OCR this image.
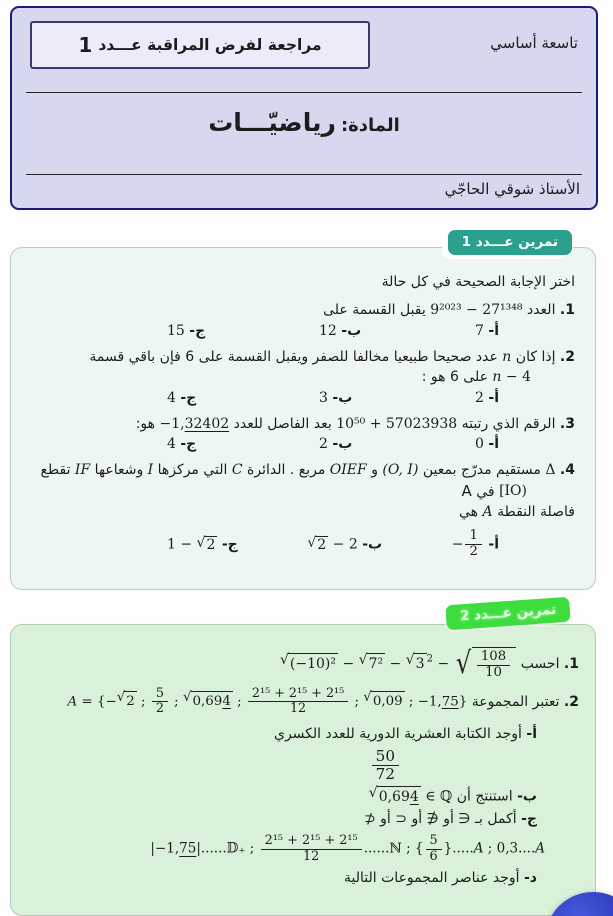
تاسعة أساسي
مراجعة لفرض المراقبة عـــدد
1
المادة: رياضيّـــات
الأستاذ شوقي الحاجّي
تمرين عـــدد 1
اختر الإجابة الصحيحة في كل حالة
1. العدد 9²⁰²³ − 27¹³⁴⁸ يقبل القسمة على
أ- 7
ب- 12
ج- 15
2. إذا كان n عدد صحيحا طبيعيا مخالفا للصفر ويقبل القسمة على 6 فإن باقي قسمة
n − 4 على 6 هو :
أ- 2
ب- 3
ج- 4
3. الرقم الذي رتبته 10⁵⁰ + 57023938 بعد الفاصل للعدد −1,32402 هو:
أ- 0
ب- 2
ج- 4
4. Δ مستقيم مدرّج بمعين (O, I) و OIEF مربع . الدائرة C التي مركزها I وشعاعها IF تقطع
[IO) في A
فاصلة النقطة A هي
أ- − $\frac{1}{2}$
ب-
√ 2 − 2
ج- 1 − √ 2
تمرين عـــدد 2
1. احسب
√ (−10)² − √ 7² − √ 3 $^2$ − √ $\frac{108}{10}$
2. تعتبر المجموعة A = {− √ 2 ; $\frac{5}{2}$ ; √ 0,694 ; $\frac{\text{2¹⁵ + 2¹⁵ + 2¹⁵}}{12}$ ; √ 0,09 ; −1,75}
أ- أوجد الكتابة العشرية الدورية للعدد الكسري
$\frac{50}{72}$
ب- استنتج أن
√ 0,694 ∈ ℚ
ج- أكمل بـ ∈ أو ∉ أو ⊂ أو ⊄
|−1,75|......𝔻₊ ; $\frac{\text{2¹⁵ + 2¹⁵ + 2¹⁵}}{12}$ ......ℕ ; { $\frac{5}{6} \}.....A$ ; 0,3....A
د- أوجد عناصر المجموعات التالية
